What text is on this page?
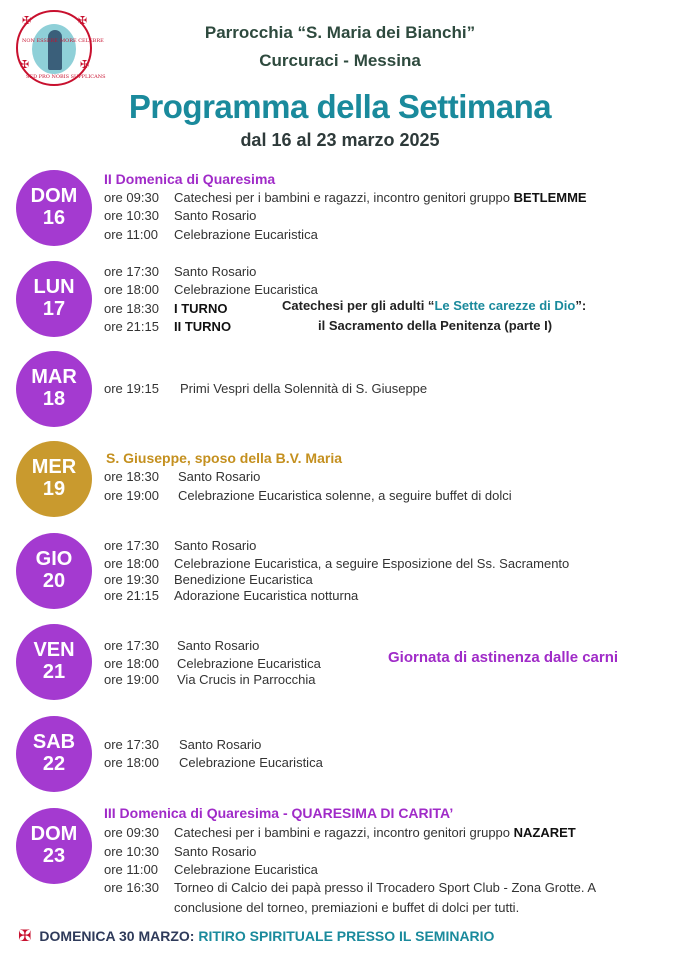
✠	✠
✠	✠
NON ESSERE MORE CELEBRE
SED PRO NOBIS SUPPLICANS
Parrocchia “S. Maria dei Bianchi”
Curcuraci - Messina
Programma della Settimana
dal 16 al 23 marzo 2025
DOM
16
II Domenica di Quaresima
ore 09:30 Catechesi per i bambini e ragazzi, incontro genitori gruppo BETLEMME
ore 10:30 Santo Rosario
ore 11:00 Celebrazione Eucaristica
LUN
17
ore 17:30 Santo Rosario
ore 18:00 Celebrazione Eucaristica
ore 18:30 I TURNO
ore 21:15 II TURNO
Catechesi per gli adulti “Le Sette carezze di Dio”:
il Sacramento della Penitenza (parte I)
MAR
18	ore 19:15 Primi Vespri della Solennità di S. Giuseppe
MER
19
S. Giuseppe, sposo della B.V. Maria
ore 18:30 Santo Rosario
ore 19:00 Celebrazione Eucaristica solenne, a seguire buffet di dolci
GIO
20
ore 17:30 Santo Rosario
ore 18:00 Celebrazione Eucaristica, a seguire Esposizione del Ss. Sacramento
ore 19:30 Benedizione Eucaristica
ore 21:15 Adorazione Eucaristica notturna
VEN
21
ore 17:30 Santo Rosario
ore 18:00 Celebrazione Eucaristica
ore 19:00 Via Crucis in Parrocchia
Giornata di astinenza dalle carni
SAB
22
ore 17:30 Santo Rosario
ore 18:00 Celebrazione Eucaristica
DOM
23
III Domenica di Quaresima - QUARESIMA DI CARITA’
ore 09:30 Catechesi per i bambini e ragazzi, incontro genitori gruppo NAZARET
ore 10:30 Santo Rosario
ore 11:00 Celebrazione Eucaristica
ore 16:30 Torneo di Calcio dei papà presso il Trocadero Sport Club - Zona Grotte. A
conclusione del torneo, premiazioni e buffet di dolci per tutti.
✠ DOMENICA 30 MARZO: RITIRO SPIRITUALE PRESSO IL SEMINARIO
